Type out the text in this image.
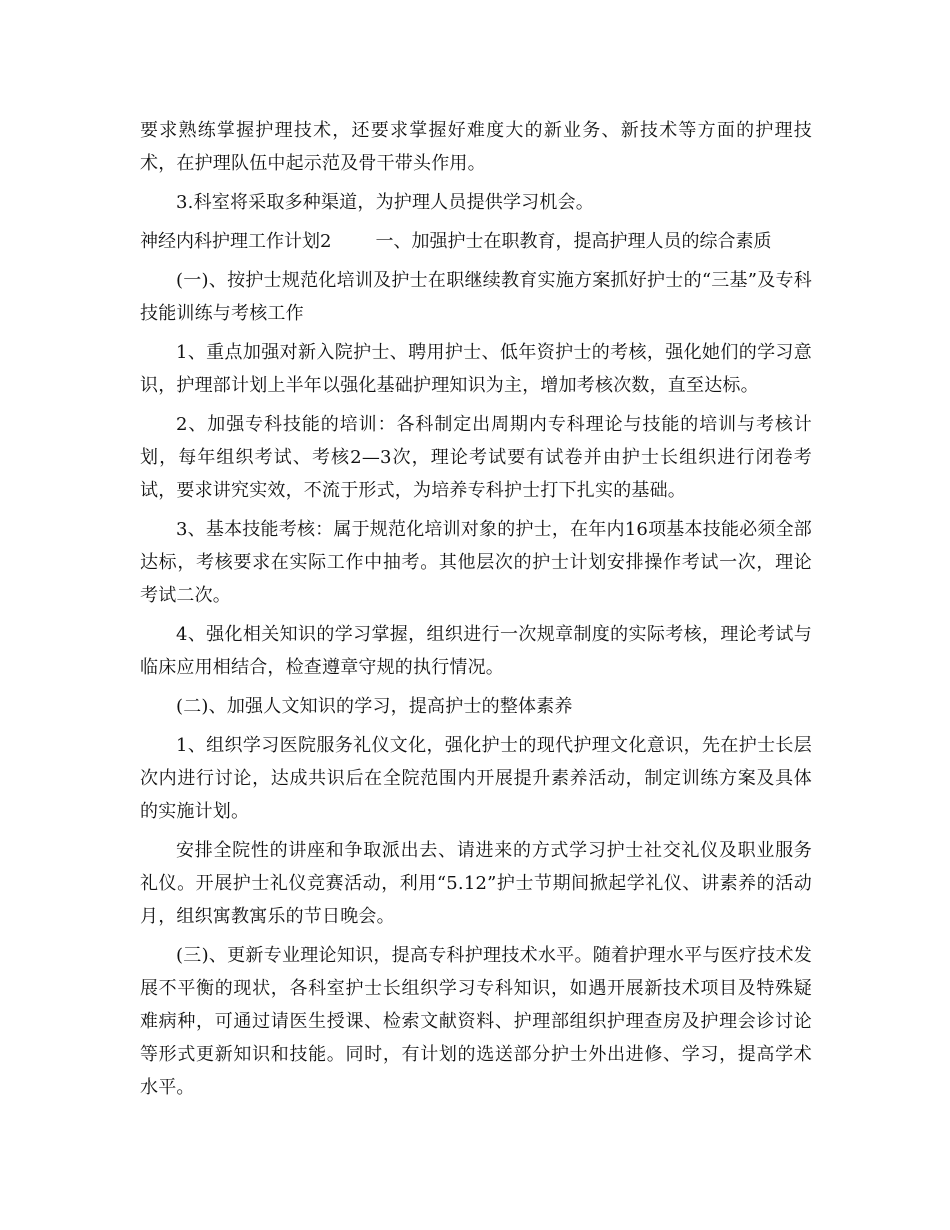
要求熟练掌握护理技术，还要求掌握好难度大的新业务、新技术等方面的护理技术，在护理队伍中起示范及骨干带头作用。

3.科室将采取多种渠道，为护理人员提供学习机会。

神经内科护理工作计划2 一、加强护士在职教育，提高护理人员的综合素质

(一)、按护士规范化培训及护士在职继续教育实施方案抓好护士的“三基”及专科技能训练与考核工作

1、重点加强对新入院护士、聘用护士、低年资护士的考核，强化她们的学习意识，护理部计划上半年以强化基础护理知识为主，增加考核次数，直至达标。

2、加强专科技能的培训：各科制定出周期内专科理论与技能的培训与考核计划，每年组织考试、考核2—3次，理论考试要有试卷并由护士长组织进行闭卷考试，要求讲究实效，不流于形式，为培养专科护士打下扎实的基础。

3、基本技能考核：属于规范化培训对象的护士，在年内16项基本技能必须全部达标，考核要求在实际工作中抽考。其他层次的护士计划安排操作考试一次，理论考试二次。

4、强化相关知识的学习掌握，组织进行一次规章制度的实际考核，理论考试与临床应用相结合，检查遵章守规的执行情况。

(二)、加强人文知识的学习，提高护士的整体素养

1、组织学习医院服务礼仪文化，强化护士的现代护理文化意识，先在护士长层次内进行讨论，达成共识后在全院范围内开展提升素养活动，制定训练方案及具体的实施计划。

安排全院性的讲座和争取派出去、请进来的方式学习护士社交礼仪及职业服务礼仪。开展护士礼仪竞赛活动，利用“5.12”护士节期间掀起学礼仪、讲素养的活动月，组织寓教寓乐的节日晚会。

(三)、更新专业理论知识，提高专科护理技术水平。随着护理水平与医疗技术发展不平衡的现状，各科室护士长组织学习专科知识，如遇开展新技术项目及特殊疑难病种，可通过请医生授课、检索文献资料、护理部组织护理查房及护理会诊讨论等形式更新知识和技能。同时，有计划的选送部分护士外出进修、学习，提高学术水平。
